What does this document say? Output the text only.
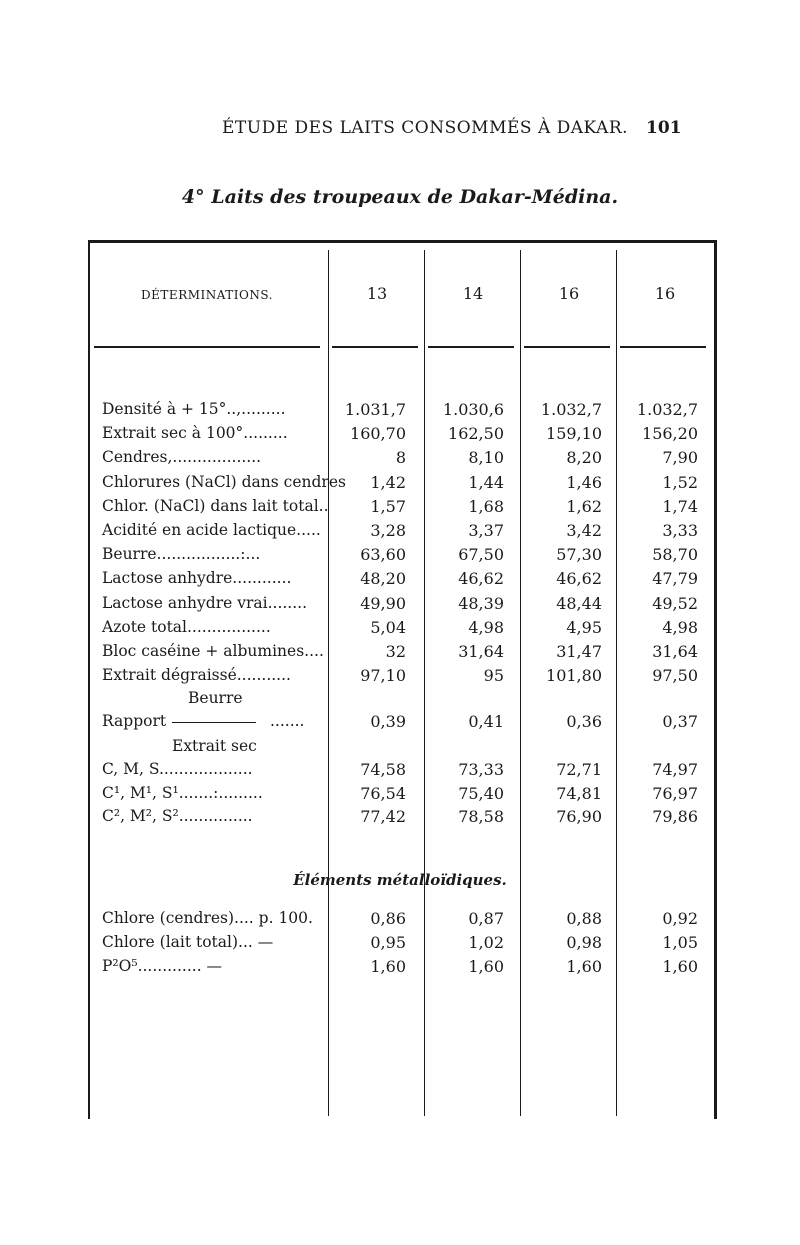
ÉTUDE DES LAITS CONSOMMÉS À DAKAR. 101
4° Laits des troupeaux de Dakar-Médina.
DÉTERMINATIONS.	13	14	16	16
Densité à + 15°..,.........	1.031,7	1.030,6	1.032,7	1.032,7
Extrait sec à 100°.........	160,70	162,50	159,10	156,20
Cendres,..................	8	8,10	8,20	7,90
Chlorures (NaCl) dans cendres	1,42	1,44	1,46	1,52
Chlor. (NaCl) dans lait total..	1,57	1,68	1,62	1,74
Acidité en acide lactique.....	3,28	3,37	3,42	3,33
Beurre.................:...	63,60	67,50	57,30	58,70
Lactose anhydre............	48,20	46,62	46,62	47,79
Lactose anhydre vrai........	49,90	48,39	48,44	49,52
Azote total.................	5,04	4,98	4,95	4,98
Bloc caséine + albumines....	32	31,64	31,47	31,64
Extrait dégraissé...........	97,10	95	101,80	97,50
Beurre
Rapport	.......	0,39	0,41	0,36	0,37
Extrait sec
C, M, S...................	74,58	73,33	72,71	74,97
C¹, M¹, S¹.......:.........	76,54	75,40	74,81	76,97
C², M², S²...............	77,42	78,58	76,90	79,86
Éléments métalloïdiques.
Chlore (cendres).... p. 100.	0,86	0,87	0,88	0,92
Chlore (lait total)... —	0,95	1,02	0,98	1,05
P²O⁵............. —	1,60	1,60	1,60	1,60
